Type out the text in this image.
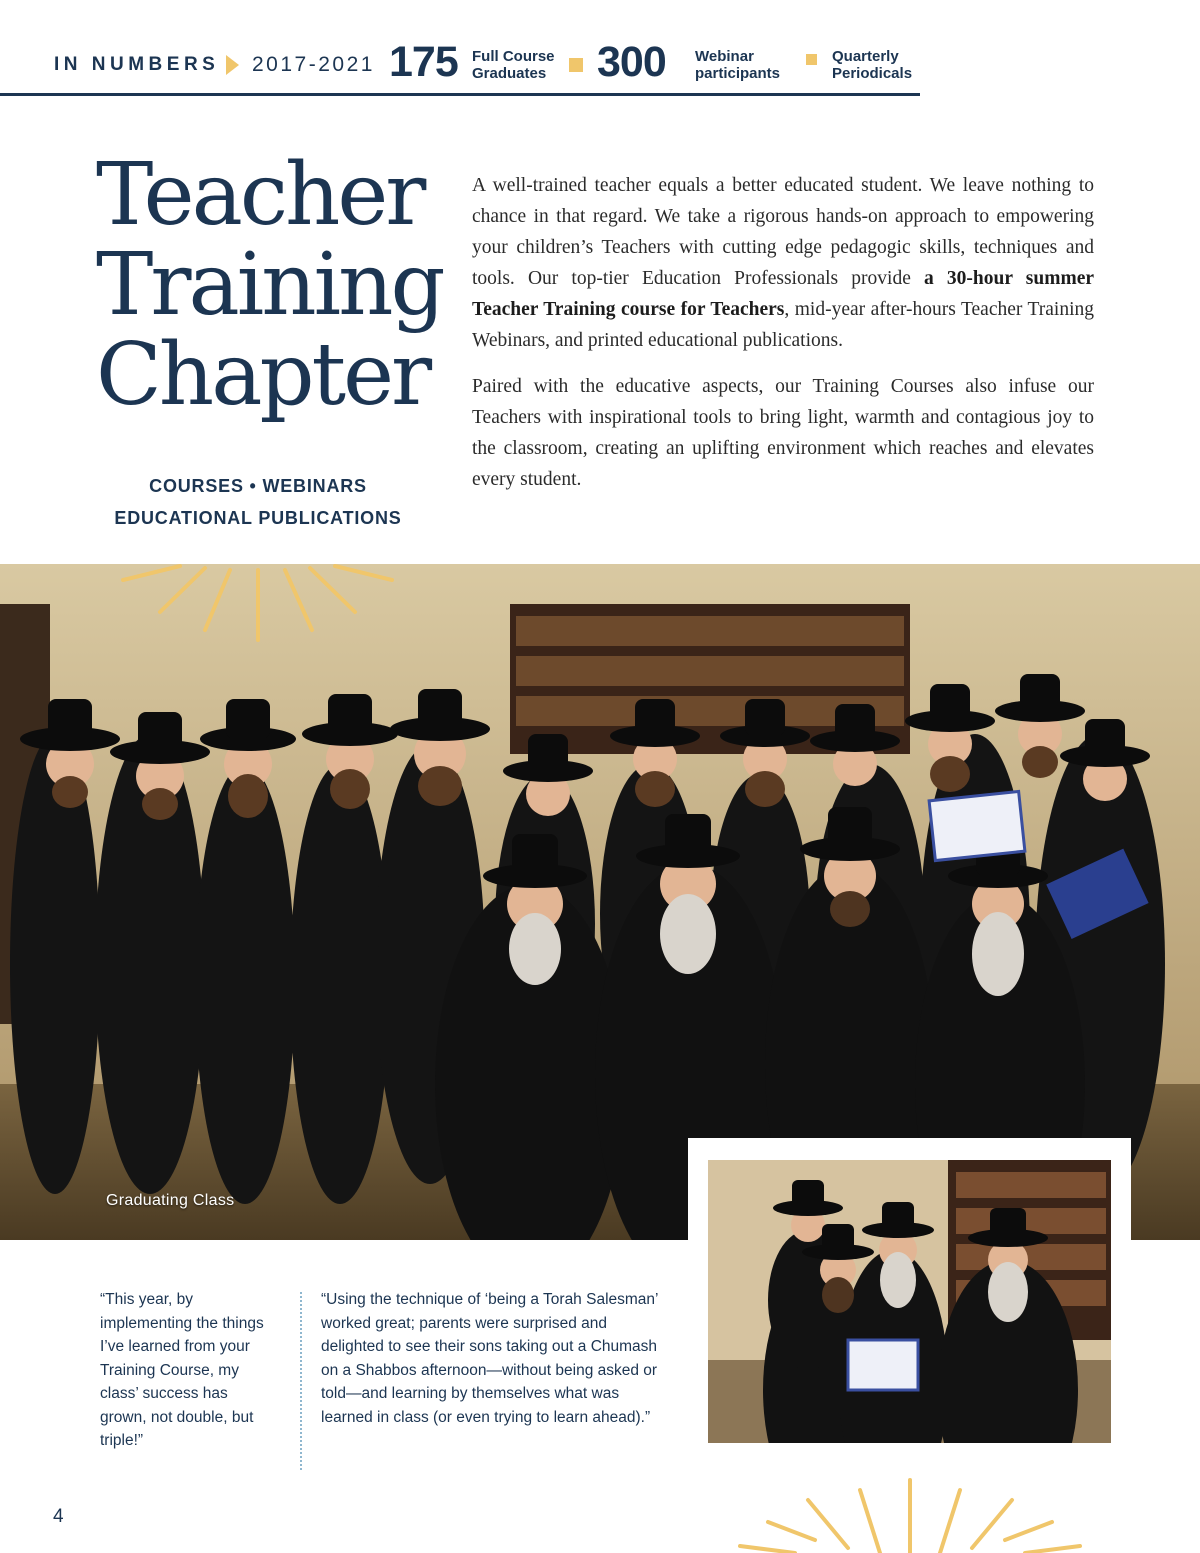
IN NUMBERS 2017-2021 175 Full Course
Graduates 300 Webinar
participants
Quarterly
Periodicals
Teacher
Training
Chapter
COURSES • WEBINARS
EDUCATIONAL PUBLICATIONS

A well-trained teacher equals a better educated student. We leave nothing to chance in that regard. We take a rigorous hands-on approach to empowering your children’s Teachers with cutting edge pedagogic skills, techniques and tools. Our top-tier Education Professionals provide a 30-hour summer Teacher Training course for Teachers, mid-year after-hours Teacher Training Webinars, and printed educational publications.

Paired with the educative aspects, our Training Courses also infuse our Teachers with inspirational tools to bring light, warmth and contagious joy to the classroom, creating an uplifting environment which reaches and elevates every student.

Graduating Class
“This year, by implementing the things I’ve learned from your Training Course, my class’ success has grown, not double, but triple!”
“Using the technique of ‘being a Torah Salesman’ worked great; parents were surprised and delighted to see their sons taking out a Chumash on a Shabbos afternoon—without being asked or told—and learning by themselves what was learned in class (or even trying to learn ahead).”
4
